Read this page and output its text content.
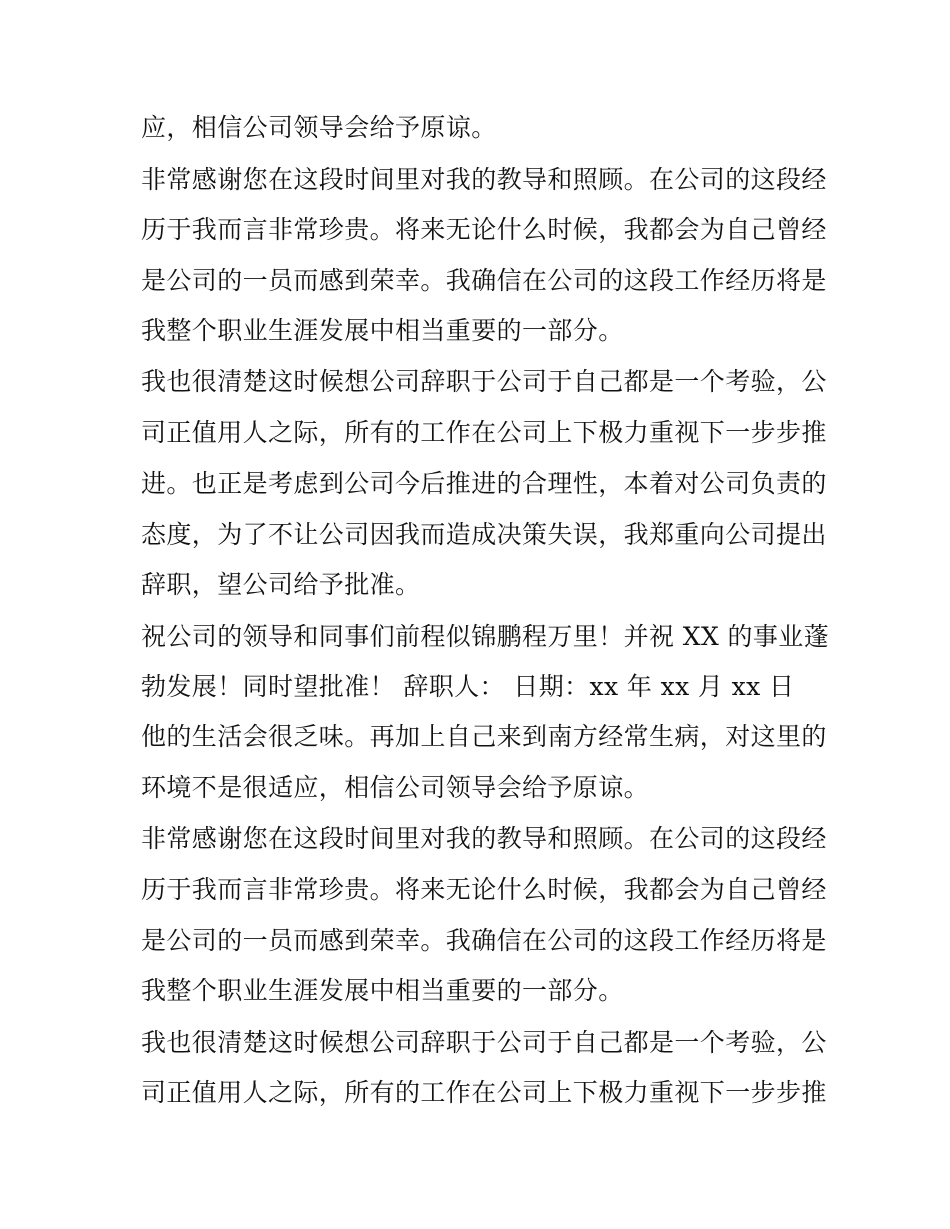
应，相信公司领导会给予原谅。
非常感谢您在这段时间里对我的教导和照顾。在公司的这段经
历于我而言非常珍贵。将来无论什么时候，我都会为自己曾经
是公司的一员而感到荣幸。我确信在公司的这段工作经历将是
我整个职业生涯发展中相当重要的一部分。
我也很清楚这时候想公司辞职于公司于自己都是一个考验，公
司正值用人之际，所有的工作在公司上下极力重视下一步步推
进。也正是考虑到公司今后推进的合理性，本着对公司负责的
态度，为了不让公司因我而造成决策失误，我郑重向公司提出
辞职，望公司给予批准。
祝公司的领导和同事们前程似锦鹏程万里！并祝 XX 的事业蓬
勃发展！同时望批准！ 辞职人： 日期：xx 年 xx 月 xx 日
他的生活会很乏味。再加上自己来到南方经常生病，对这里的
环境不是很适应，相信公司领导会给予原谅。
非常感谢您在这段时间里对我的教导和照顾。在公司的这段经
历于我而言非常珍贵。将来无论什么时候，我都会为自己曾经
是公司的一员而感到荣幸。我确信在公司的这段工作经历将是
我整个职业生涯发展中相当重要的一部分。
我也很清楚这时候想公司辞职于公司于自己都是一个考验，公
司正值用人之际，所有的工作在公司上下极力重视下一步步推
